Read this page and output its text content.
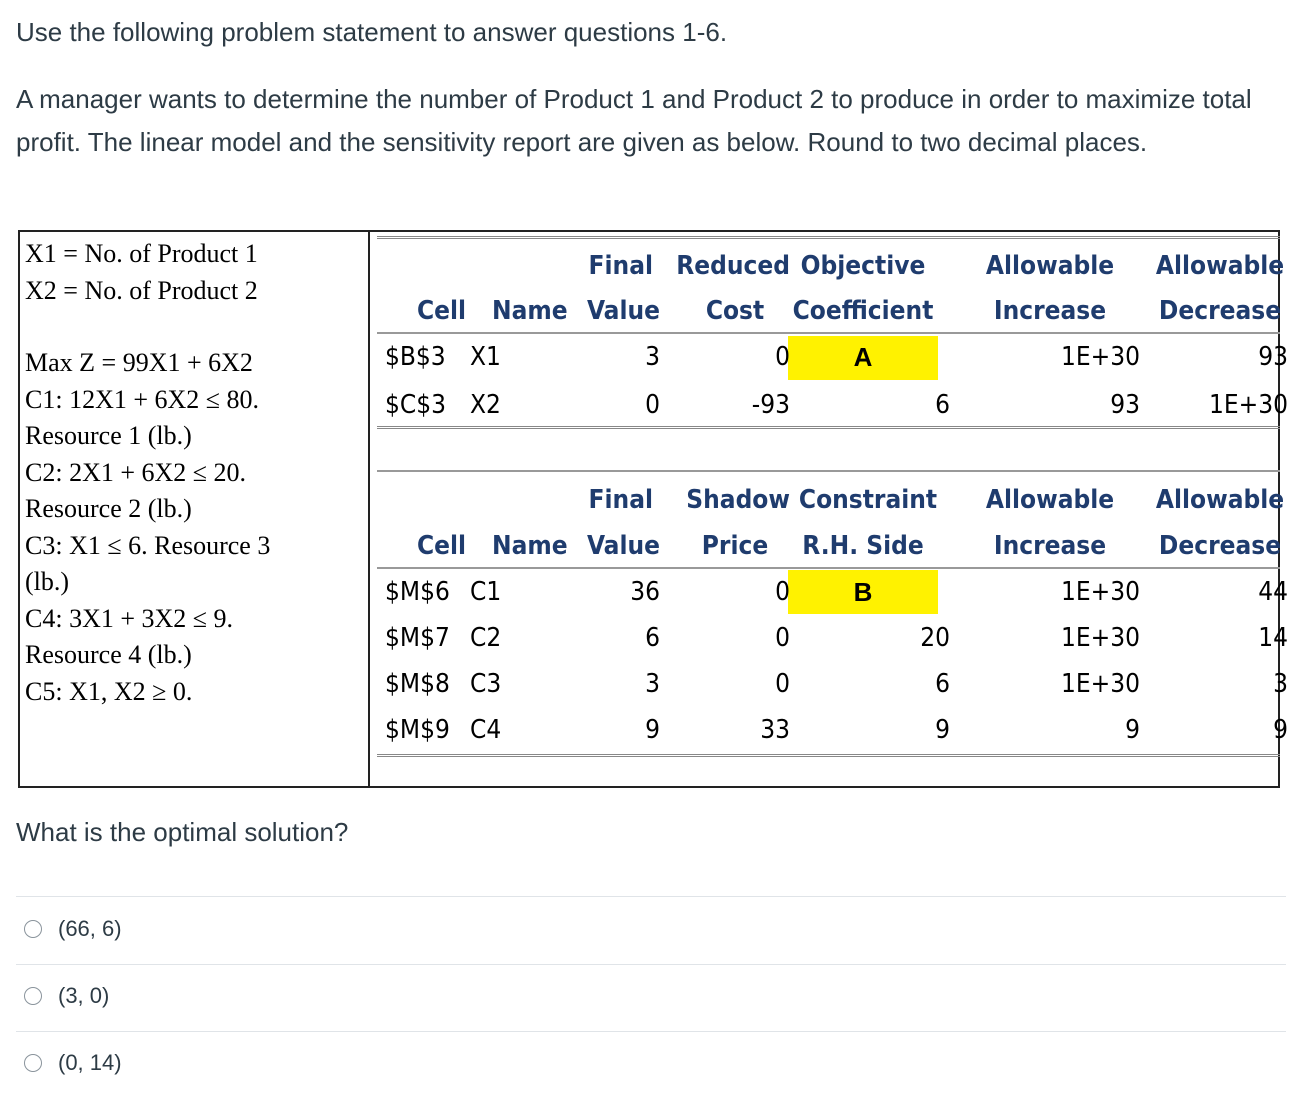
Use the following problem statement to answer questions 1-6.
A manager wants to determine the number of Product 1 and Product 2 to produce in order to maximize total profit. The linear model and the sensitivity report are given as below. Round to two decimal places.
X1 = No. of Product 1
X2 = No. of Product 2
Max Z = 99X1 + 6X2
C1: 12X1 + 6X2 ≤ 80.
Resource 1 (lb.)
C2: 2X1 + 6X2 ≤ 20.
Resource 2 (lb.)
C3: X1 ≤ 6. Resource 3
(lb.)
C4: 3X1 + 3X2 ≤ 9.
Resource 4 (lb.)
C5: X1, X2 ≥ 0.
Final Reduced Objective	Allowable	Allowable
Cell Name Value	Cost	Coefficient	Increase	Decrease
$B$3 X1	3	0	A	1E+30	93
$C$3 X2	0	-93	6	93	1E+30
Final	Shadow Constraint	Allowable	Allowable
Cell Name Value	Price	R.H. Side	Increase	Decrease
$M$6 C1	36	0	B	1E+30	44
$M$7 C2	6	0	20	1E+30	14
$M$8 C3	3	0	6	1E+30	3
$M$9 C4	9	33	9	9	9
What is the optimal solution?
(66, 6)
(3, 0)
(0, 14)
